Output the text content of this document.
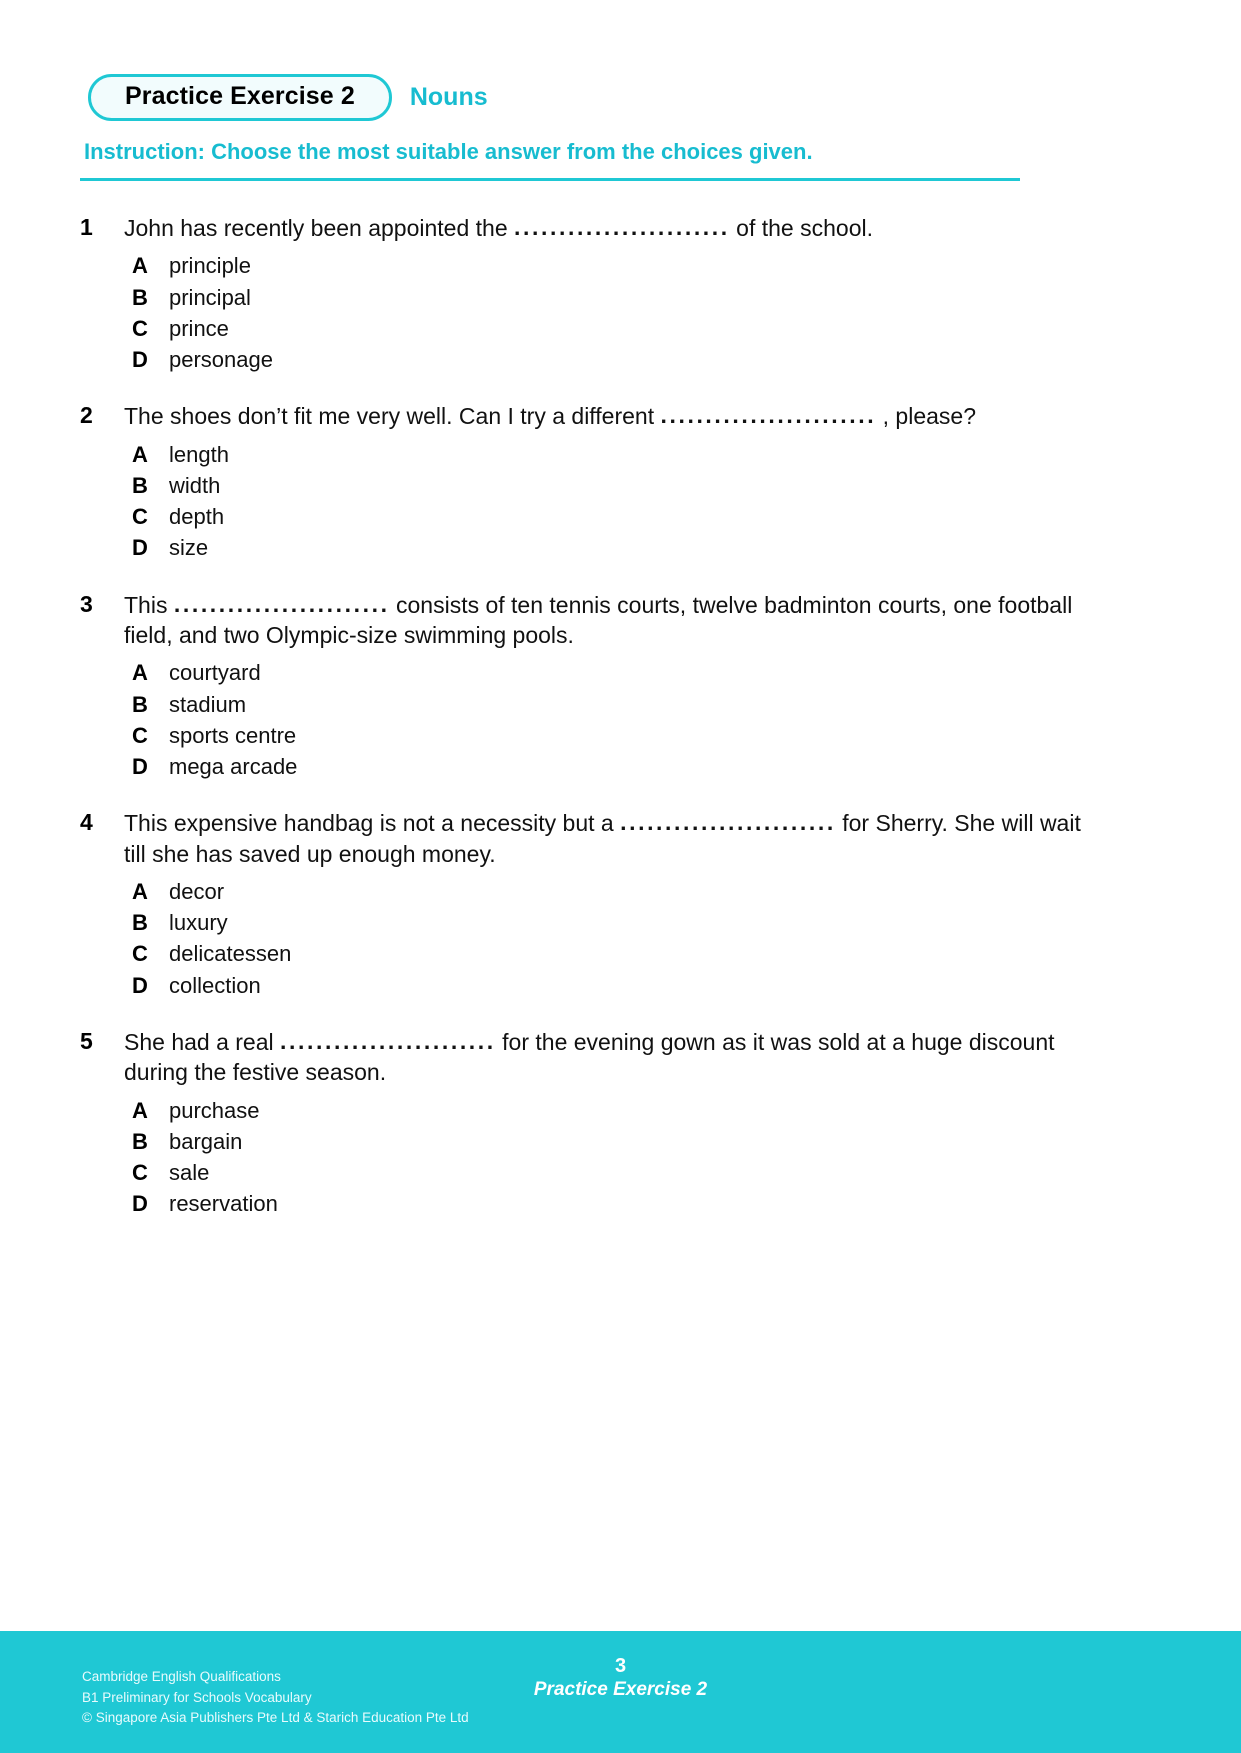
Practice Exercise 2	Nouns
Instruction: Choose the most suitable answer from the choices given.
1	John has recently been appointed the ........................ of the school.
A principle
B principal
C prince
D personage
2	The shoes don’t fit me very well. Can I try a different ........................ , please?
A length
B width
C depth
D size
3	This ........................ consists of ten tennis courts, twelve badminton courts, one football field, and two Olympic-size swimming pools.
A courtyard
B stadium
C sports centre
D mega arcade
4	This expensive handbag is not a necessity but a ........................ for Sherry. She will wait till she has saved up enough money.
A decor
B luxury
C delicatessen
D collection
5	She had a real ........................ for the evening gown as it was sold at a huge discount during the festive season.
A purchase
B bargain
C sale
D reservation
Cambridge English Qualifications
B1 Preliminary for Schools Vocabulary
© Singapore Asia Publishers Pte Ltd & Starich Education Pte Ltd
3
Practice Exercise 2
